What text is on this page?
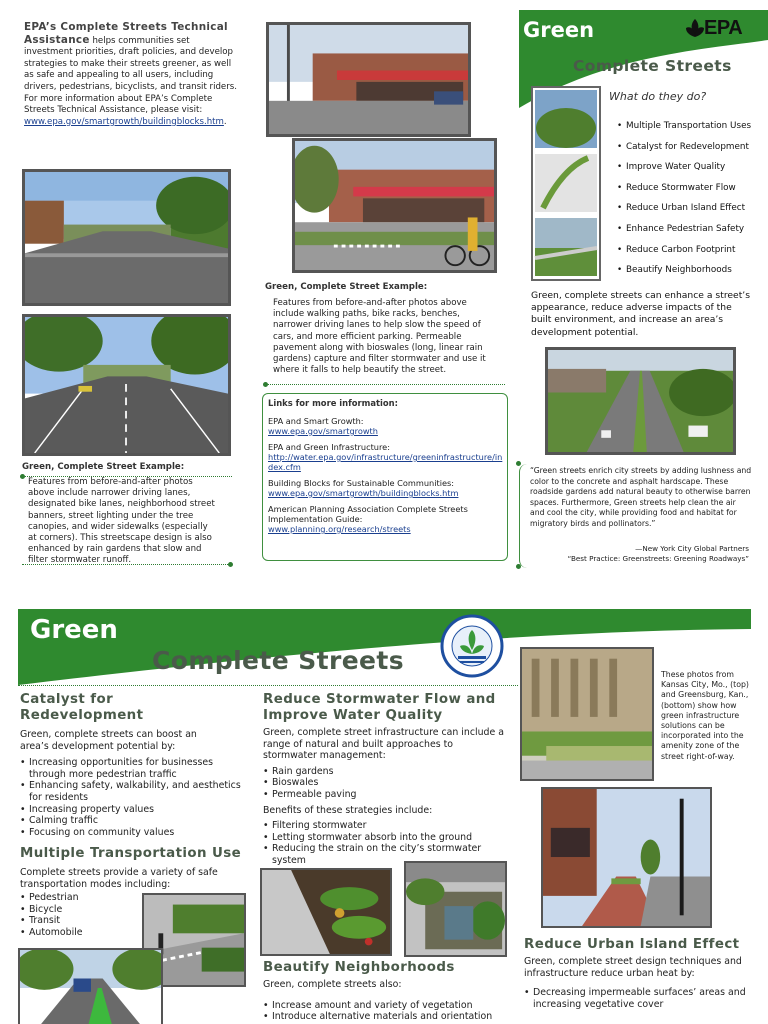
EPA’s Complete Streets Technical Assistance helps communities set investment priorities, draft policies, and develop strategies to make their streets greener, as well as safe and appealing to all users, including drivers, pedestrians, bicyclists, and transit riders. For more information about EPA’s Complete Streets Technical Assistance, please visit: www.epa.gov/smartgrowth/buildingblocks.htm.
Green, Complete Street Example:
Features from before-and-after photos above include narrower driving lanes, designated bike lanes, neighborhood street banners, street lighting under the tree canopies, and wider sidewalks (especially at corners). This streetscape design is also enhanced by rain gardens that slow and filter stormwater runoff.
Green, Complete Street Example:
Features from before-and-after photos above include walking paths, bike racks, benches, narrower driving lanes to help slow the speed of cars, and more efficient parking. Permeable pavement along with bioswales (long, linear rain gardens) capture and filter stormwater and use it where it falls to help beautify the street.
Links for more information:
EPA and Smart Growth:
www.epa.gov/smartgrowth
EPA and Green Infrastructure:
http://water.epa.gov/infrastructure/greeninfrastructure/index.cfm
Building Blocks for Sustainable Communities:
www.epa.gov/smartgrowth/buildingblocks.htm
American Planning Association Complete Streets Implementation Guide:
www.planning.org/research/streets
Green	EPA
Complete Streets
What do they do?
• Multiple Transportation Uses
• Catalyst for Redevelopment
• Improve Water Quality
• Reduce Stormwater Flow
• Reduce Urban Island Effect
• Enhance Pedestrian Safety
• Reduce Carbon Footprint
• Beautify Neighborhoods
Green, complete streets can enhance a street’s appearance, reduce adverse impacts of the built environment, and increase an area’s development potential.
“Green streets enrich city streets by adding lushness and color to the concrete and asphalt hardscape. These roadside gardens add natural beauty to otherwise barren spaces. Furthermore, Green streets help clean the air and cool the city, while providing food and habitat for migratory birds and pollinators.”
—New York City Global Partners
“Best Practice: Greenstreets: Greening Roadways”
Green
Complete Streets
Catalyst for Redevelopment
Green, complete streets can boost an area’s development potential by:
• Increasing opportunities for businesses through more pedestrian traffic
• Enhancing safety, walkability, and aesthetics for residents
• Increasing property values
• Calming traffic
• Focusing on community values
Multiple Transportation Use
Complete streets provide a variety of safe transportation modes including:
• Pedestrian
• Bicycle
• Transit
• Automobile
Reduce Stormwater Flow and Improve Water Quality
Green, complete street infrastructure can include a range of natural and built approaches to stormwater management:
• Rain gardens
• Bioswales
• Permeable paving
Benefits of these strategies include:
• Filtering stormwater
• Letting stormwater absorb into the ground
• Reducing the strain on the city’s stormwater system
Beautify Neighborhoods
Green, complete streets also:
• Increase amount and variety of vegetation
• Introduce alternative materials and orientation
These photos from Kansas City, Mo., (top) and Greensburg, Kan., (bottom) show how green infrastructure solutions can be incorporated into the amenity zone of the street right-of-way.
Reduce Urban Island Effect
Green, complete street design techniques and infrastructure reduce urban heat by:
• Decreasing impermeable surfaces’ areas and increasing vegetative cover
